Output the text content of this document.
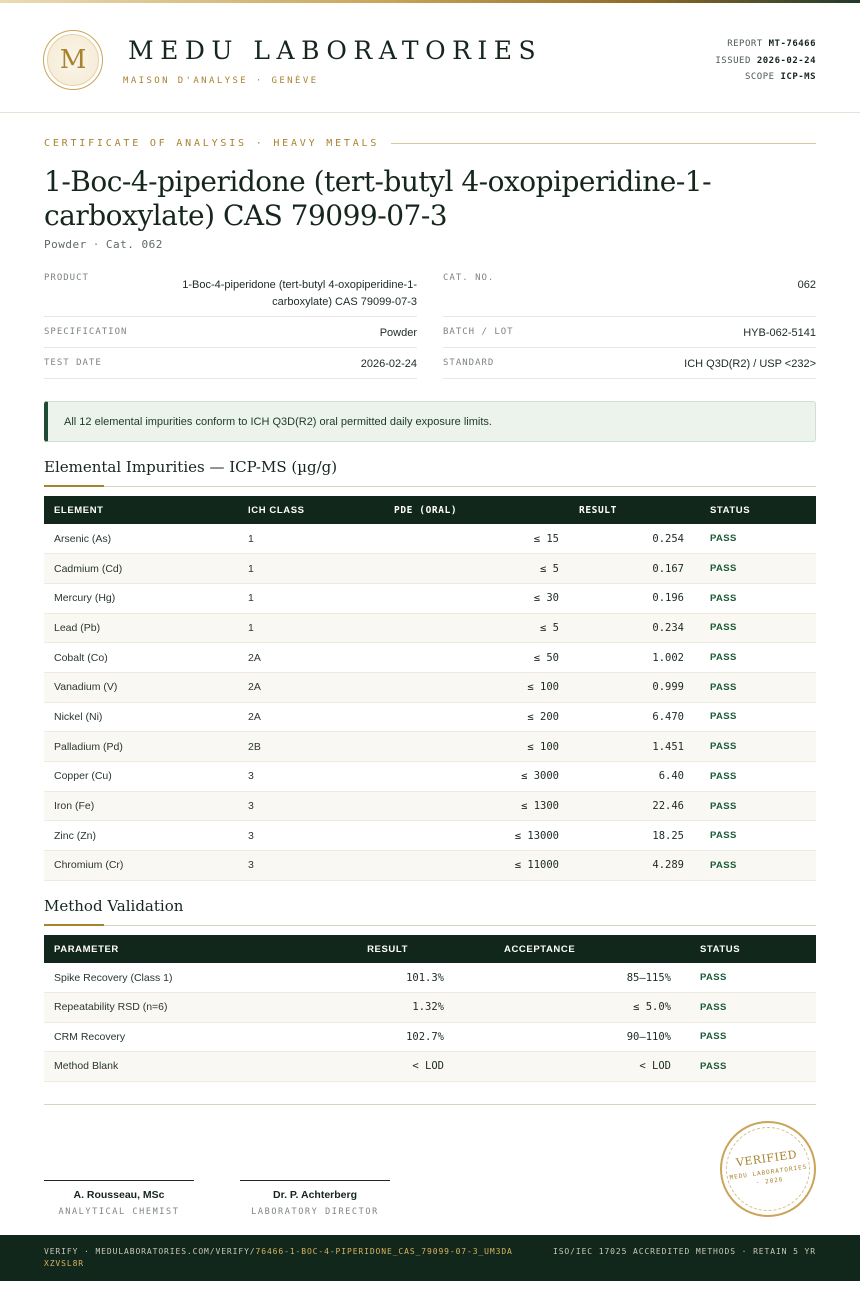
M	MEDU LABORATORIES
MAISON D'ANALYSE · GENÈVE
REPORT MT-76466
ISSUED 2026-02-24
SCOPE ICP-MS
CERTIFICATE OF ANALYSIS · HEAVY METALS
1-Boc-4-piperidone (tert-butyl 4-oxopiperidine-1-carboxylate) CAS 79099-07-3
Powder · Cat. 062
PRODUCT
1-Boc-4-piperidone (tert-butyl 4-oxopiperidine-1-carboxylate) CAS 79099-07-3
SPECIFICATION	Powder
TEST DATE	2026-02-24
CAT. NO.
062
BATCH / LOT	HYB-062-5141
STANDARD	ICH Q3D(R2) / USP <232>
All 12 elemental impurities conform to ICH Q3D(R2) oral permitted daily exposure limits.
Elemental Impurities — ICP-MS (µg/g)
ELEMENT	ICH CLASS	PDE (ORAL)	RESULT	STATUS
Arsenic (As)	1	≤ 15	0.254	PASS
Cadmium (Cd)	1	≤ 5	0.167	PASS
Mercury (Hg)	1	≤ 30	0.196	PASS
Lead (Pb)	1	≤ 5	0.234	PASS
Cobalt (Co)	2A	≤ 50	1.002	PASS
Vanadium (V)	2A	≤ 100	0.999	PASS
Nickel (Ni)	2A	≤ 200	6.470	PASS
Palladium (Pd)	2B	≤ 100	1.451	PASS
Copper (Cu)	3	≤ 3000	6.40	PASS
Iron (Fe)	3	≤ 1300	22.46	PASS
Zinc (Zn)	3	≤ 13000	18.25	PASS
Chromium (Cr)	3	≤ 11000	4.289	PASS
Method Validation
PARAMETER	RESULT	ACCEPTANCE	STATUS
Spike Recovery (Class 1)	101.3%	85–115%	PASS
Repeatability RSD (n=6)	1.32%	≤ 5.0%	PASS
CRM Recovery	102.7%	90–110%	PASS
Method Blank	< LOD	< LOD	PASS
A. Rousseau, MSc
ANALYTICAL CHEMIST
Dr. P. Achterberg
LABORATORY DIRECTOR
VERIFIED
MEDU LABORATORIES · 2026
VERIFY · MEDULABORATORIES.COM/VERIFY/76466-1-BOC-4-PIPERIDONE_CAS_79099-07-3_UM3DAXZVSL8R
ISO/IEC 17025 ACCREDITED METHODS · RETAIN 5 YR
